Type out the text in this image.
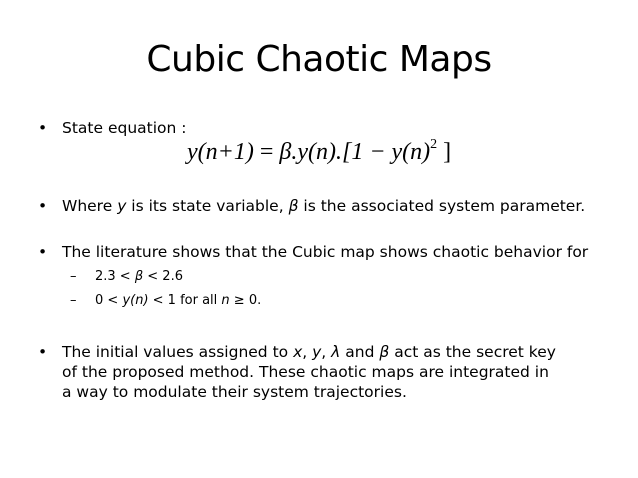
Cubic Chaotic Maps
• State equation :
$y(n+1) = \beta.y(n).[1 - y(n)^2$ ]
• Where y is its state variable, β is the associated system parameter.
• The literature shows that the Cubic map shows chaotic behavior for
– 2.3 < β < 2.6
– 0 < y(n) < 1 for all n ≥ 0.
• The initial values assigned to x, y, λ and β act as the secret key of the proposed method. These chaotic maps are integrated in a way to modulate their system trajectories.
